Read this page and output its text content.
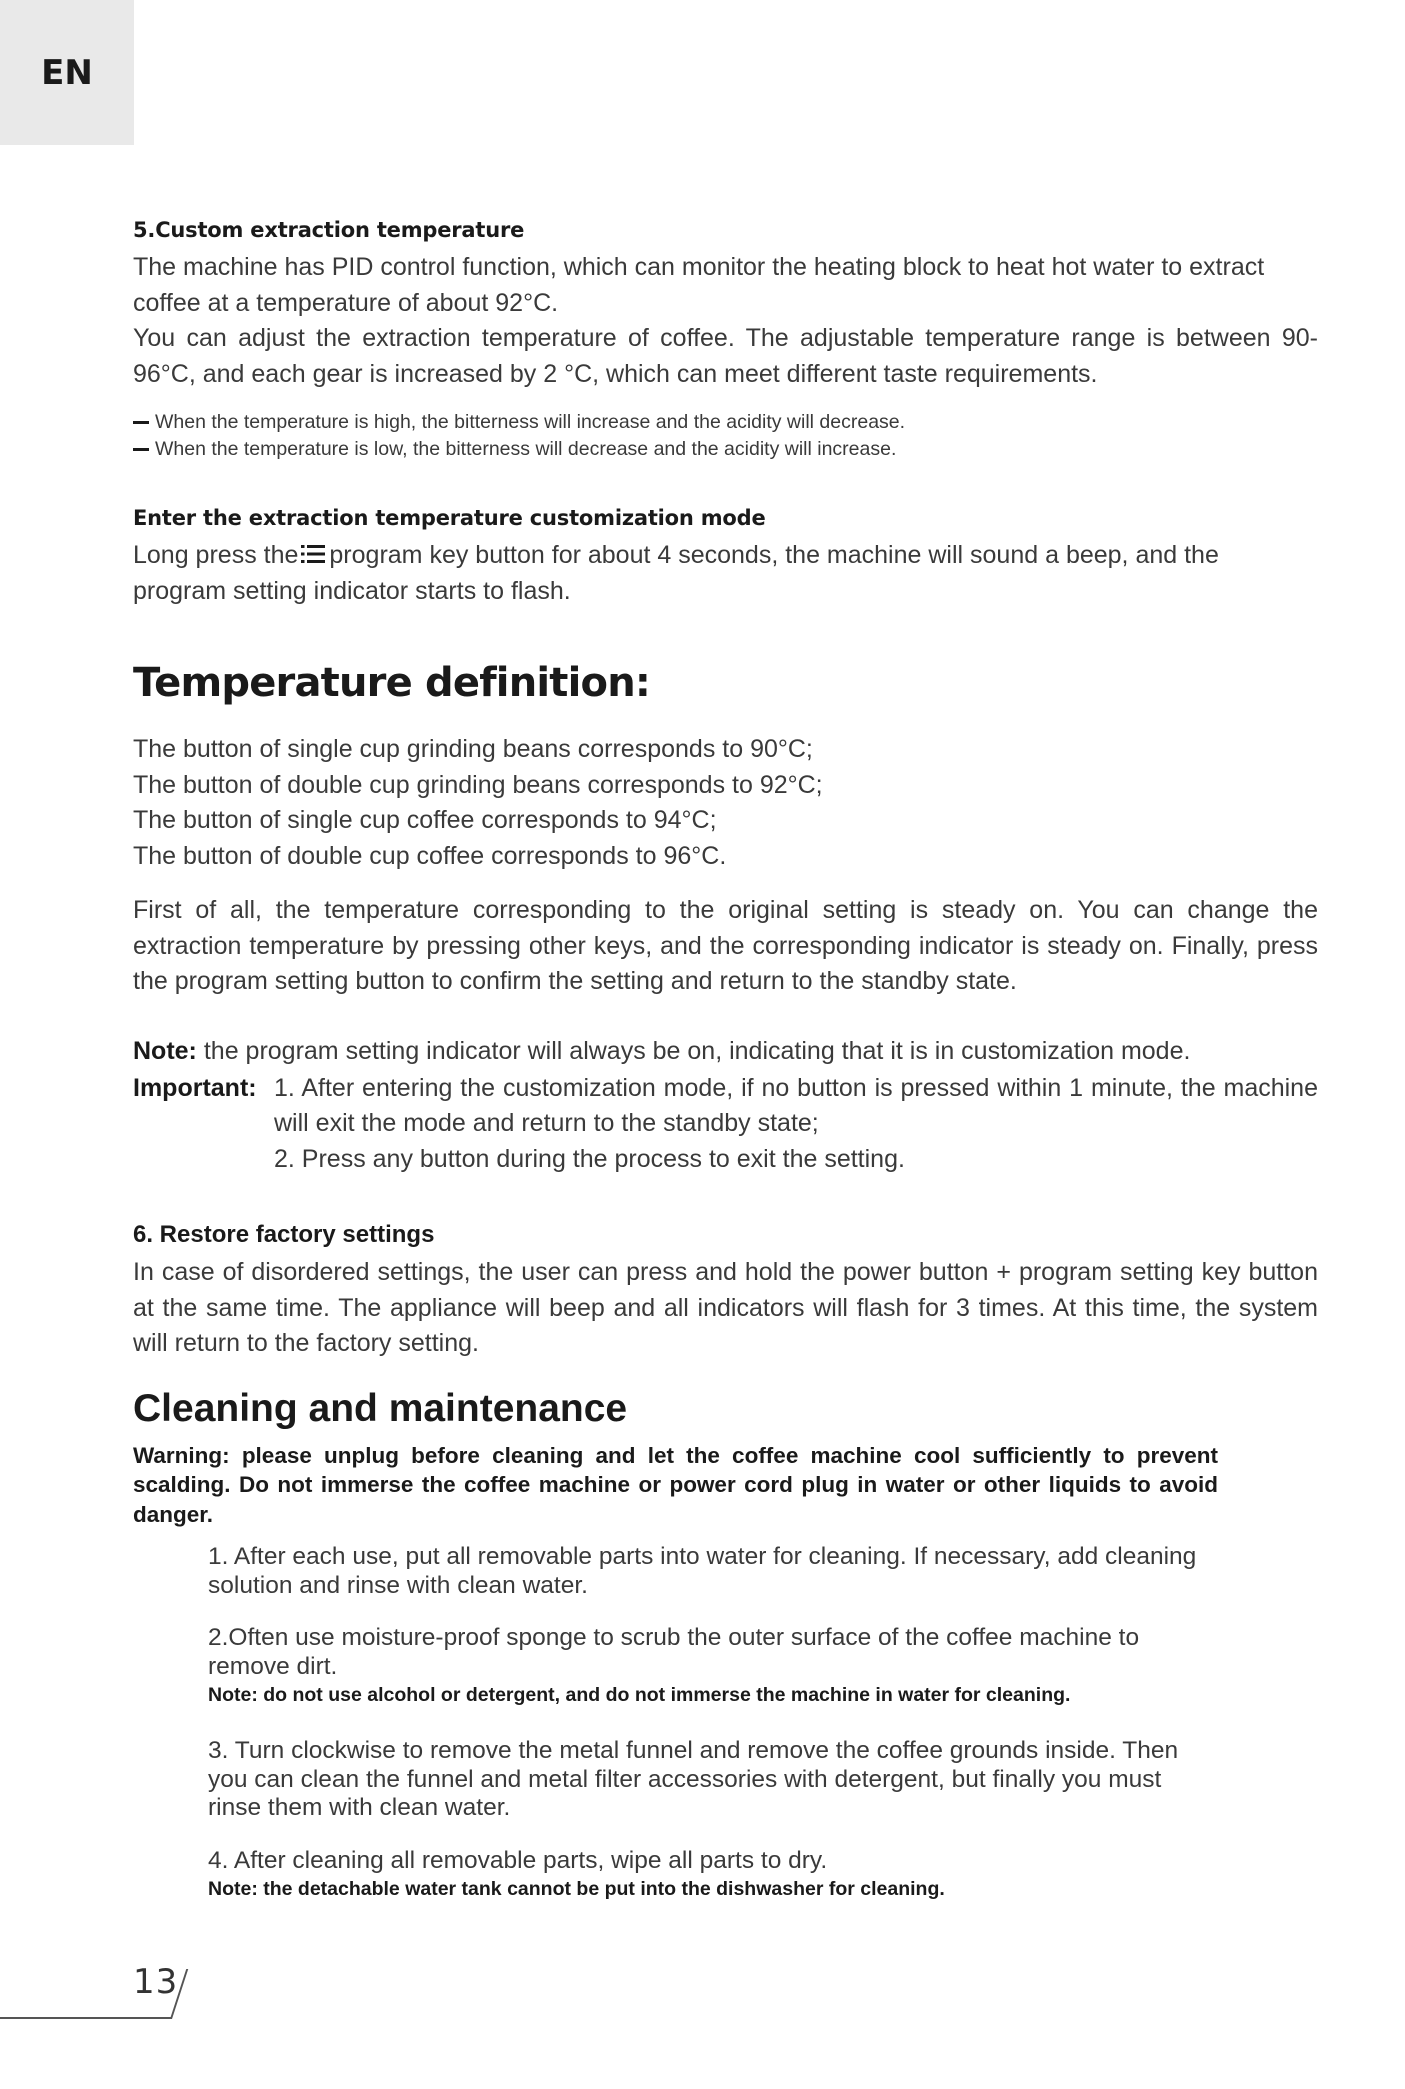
EN
5.Custom extraction temperature

The machine has PID control function, which can monitor the heating block to heat hot water to extract coffee at a temperature of about 92°C.

You can adjust the extraction temperature of coffee. The adjustable temperature range is between 90-96°C, and each gear is increased by 2 °C, which can meet different taste requirements.

When the temperature is high, the bitterness will increase and the acidity will decrease.
When the temperature is low, the bitterness will decrease and the acidity will increase.
Enter the extraction temperature customization mode

Long press the program key button for about 4 seconds, the machine will sound a beep, and the program setting indicator starts to flash.

Temperature definition:

The button of single cup grinding beans corresponds to 90°C;

The button of double cup grinding beans corresponds to 92°C;

The button of single cup coffee corresponds to 94°C;

The button of double cup coffee corresponds to 96°C.

First of all, the temperature corresponding to the original setting is steady on. You can change the extraction temperature by pressing other keys, and the corresponding indicator is steady on. Finally, press the program setting button to confirm the setting and return to the standby state.

Note: the program setting indicator will always be on, indicating that it is in customization mode.

Important: 1. After entering the customization mode, if no button is pressed within 1 minute, the machine will exit the mode and return to the standby state;
2. Press any button during the process to exit the setting.
6. Restore factory settings

In case of disordered settings, the user can press and hold the power button + program setting key button at the same time. The appliance will beep and all indicators will flash for 3 times. At this time, the system will return to the factory setting.

Cleaning and maintenance

Warning: please unplug before cleaning and let the coffee machine cool sufficiently to prevent scalding. Do not immerse the coffee machine or power cord plug in water or other liquids to avoid danger.

1. After each use, put all removable parts into water for cleaning. If necessary, add cleaning solution and rinse with clean water.

2.Often use moisture-proof sponge to scrub the outer surface of the coffee machine to remove dirt.

Note: do not use alcohol or detergent, and do not immerse the machine in water for cleaning.

3. Turn clockwise to remove the metal funnel and remove the coffee grounds inside. Then you can clean the funnel and metal filter accessories with detergent, but finally you must rinse them with clean water.

4. After cleaning all removable parts, wipe all parts to dry.

Note: the detachable water tank cannot be put into the dishwasher for cleaning.

13
